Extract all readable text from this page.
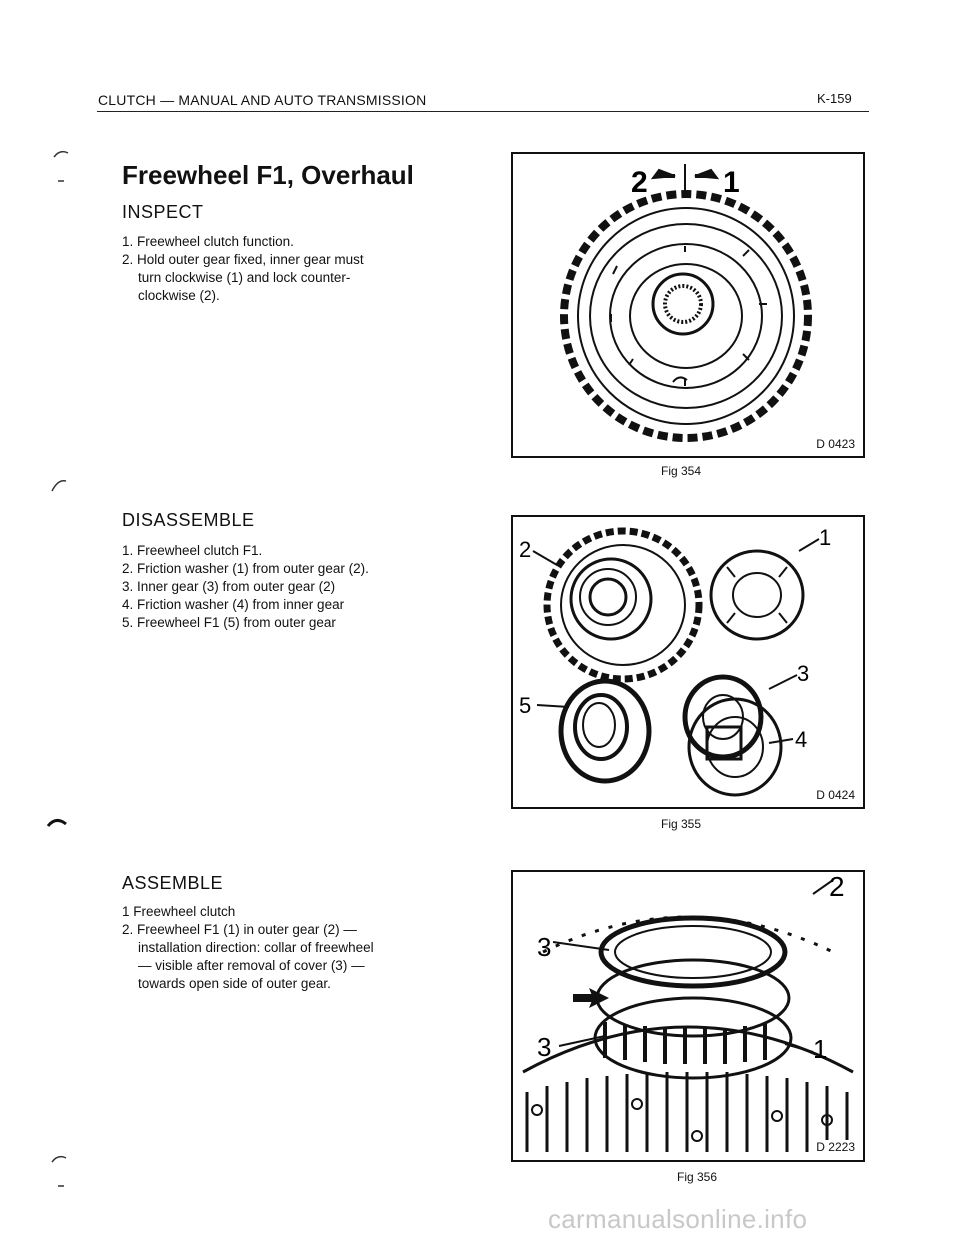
CLUTCH — MANUAL AND AUTO TRANSMISSION	K-159
Freewheel F1, Overhaul
INSPECT
1. Freewheel clutch function.
2. Hold outer gear fixed, inner gear must
turn clockwise (1) and lock counter-
clockwise (2).
DISASSEMBLE
1. Freewheel clutch F1.
2. Friction washer (1) from outer gear (2).
3. Inner gear (3) from outer gear (2)
4. Friction washer (4) from inner gear
5. Freewheel F1 (5) from outer gear
ASSEMBLE
1 Freewheel clutch
2. Freewheel F1 (1) in outer gear (2) —
installation direction: collar of freewheel
— visible after removal of cover (3) —
towards open side of outer gear.
2	1
D 0423
Fig 354
2	1
3
5
4
D 0424
Fig 355
2
3
1
3
D 2223
Fig 356
carmanualsonline.info
